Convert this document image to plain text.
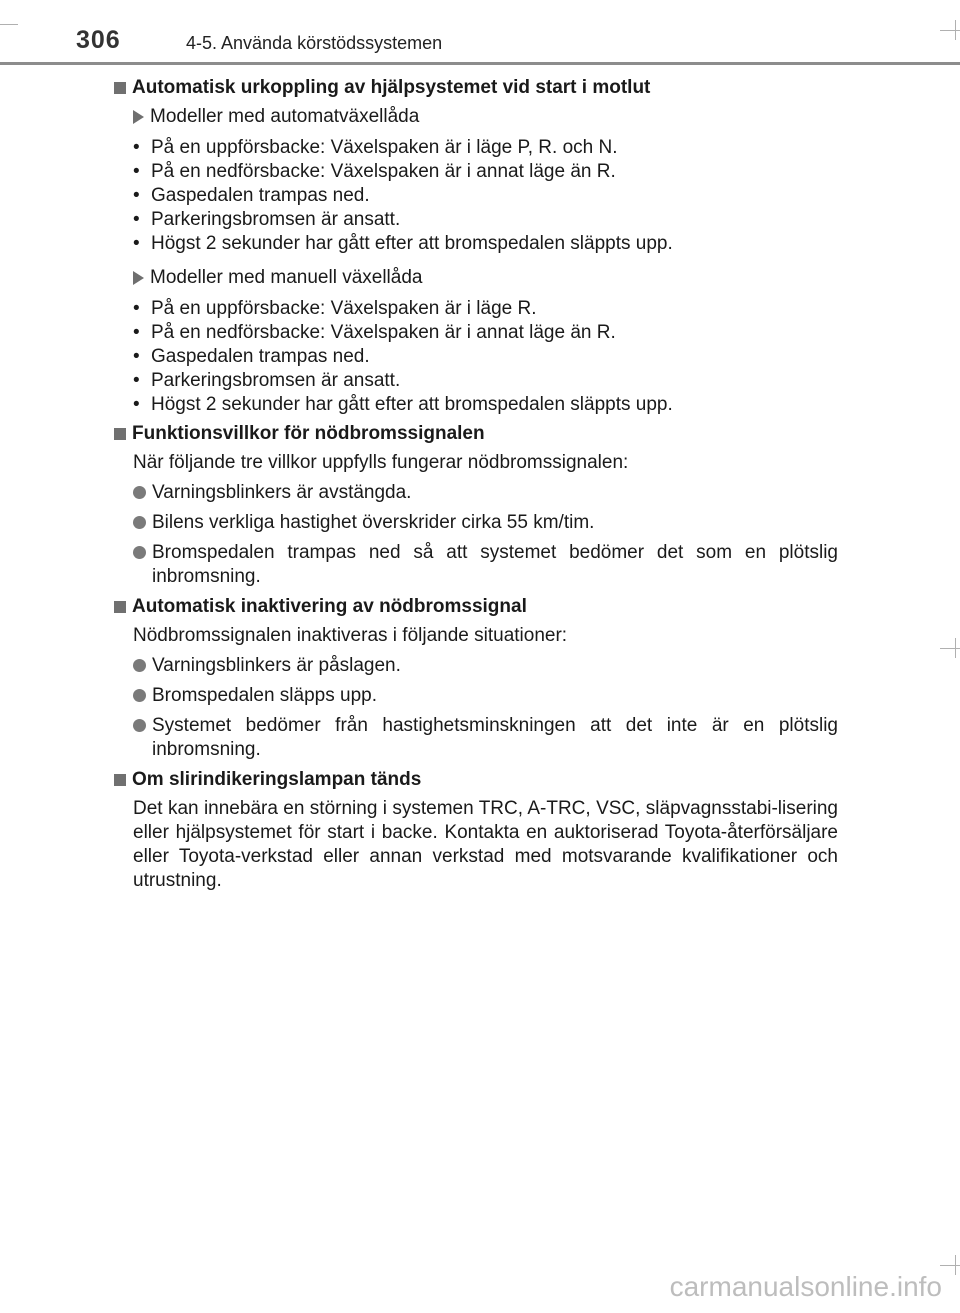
306	4-5. Använda körstödssystemen
Automatisk urkoppling av hjälpsystemet vid start i motlut
Modeller med automatväxellåda
• På en uppförsbacke: Växelspaken är i läge P, R. och N.
• På en nedförsbacke: Växelspaken är i annat läge än R.
• Gaspedalen trampas ned.
• Parkeringsbromsen är ansatt.
• Högst 2 sekunder har gått efter att bromspedalen släppts upp.
Modeller med manuell växellåda
• På en uppförsbacke: Växelspaken är i läge R.
• På en nedförsbacke: Växelspaken är i annat läge än R.
• Gaspedalen trampas ned.
• Parkeringsbromsen är ansatt.
• Högst 2 sekunder har gått efter att bromspedalen släppts upp.
Funktionsvillkor för nödbromssignalen
När följande tre villkor uppfylls fungerar nödbromssignalen:
Varningsblinkers är avstängda.
Bilens verkliga hastighet överskrider cirka 55 km/tim.
Bromspedalen trampas ned så att systemet bedömer det som en plötslig inbromsning.
Automatisk inaktivering av nödbromssignal
Nödbromssignalen inaktiveras i följande situationer:
Varningsblinkers är påslagen.
Bromspedalen släpps upp.
Systemet bedömer från hastighetsminskningen att det inte är en plötslig inbromsning.
Om slirindikeringslampan tänds
Det kan innebära en störning i systemen TRC, A-TRC, VSC, släpvagnsstabi-lisering eller hjälpsystemet för start i backe. Kontakta en auktoriserad Toyota-återförsäljare eller Toyota-verkstad eller annan verkstad med motsvarande kvalifikationer och utrustning.
carmanualsonline.info
